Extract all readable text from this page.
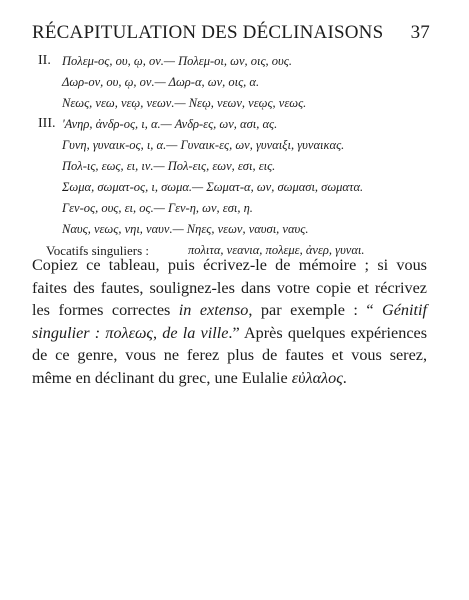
RÉCAPITULATION DES DÉCLINAISONS 37
II. Πολεμ-ος, ου, ῳ, ον.— Πολεμ-οι, ων, οις, ους.
Δωρ-ον, ου, ῳ, ον.— Δωρ-α, ων, οις, α.
Νεως, νεω, νεῳ, νεων.— Νεῳ, νεων, νεῳς, νεως.
III. 'Ανηρ, ἀνδρ-ος, ι, α.— Ανδρ-ες, ων, ασι, ας.
Γυνη, γυναικ-ος, ι, α.— Γυναικ-ες, ων, γυναιξι, γυναικας.
Πολ-ις, εως, ει, ιν.— Πολ-εις, εων, εσι, εις.
Σωμα, σωματ-ος, ι, σωμα.— Σωματ-α, ων, σωμασι, σωματα.
Γεν-ος, ους, ει, ος.— Γεν-η, ων, εσι, η.
Ναυς, νεως, νηι, ναυν.— Νηες, νεων, ναυσι, ναυς.
Vocatifs singuliers :	πολιτα, νεανια, πολεμε, ἀνερ, γυναι.
Copiez ce tableau, puis écrivez-le de mémoire ; si vous faites des fautes, soulignez-les dans votre copie et récrivez les formes correctes in extenso, par exemple : “ Génitif singulier : πολεως, de la ville.” Après quelques expériences de ce genre, vous ne ferez plus de fautes et vous serez, même en déclinant du grec, une Eulalie εὐλαλος.
